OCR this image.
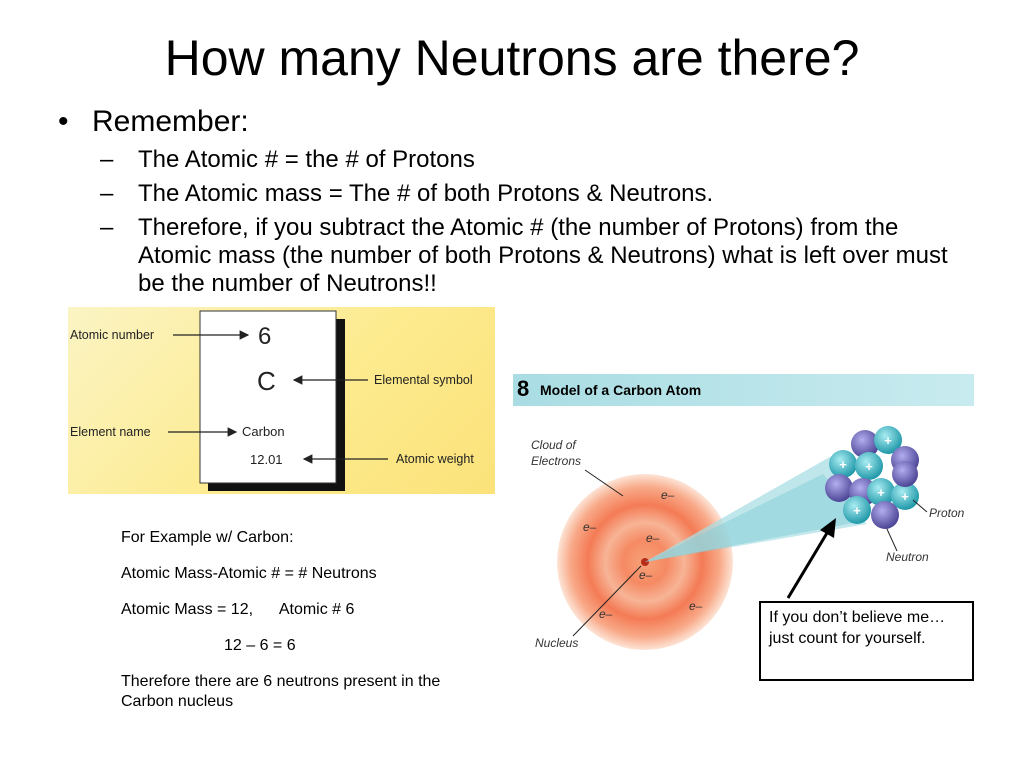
How many Neutrons are there?
• Remember:
– The Atomic # = the # of Protons
– The Atomic mass = The # of both Protons & Neutrons.
– Therefore, if you subtract the Atomic # (the number of Protons) from the Atomic mass (the number of both Protons & Neutrons) what is left over must be the number of Neutrons!!
Atomic number	6
C	Elemental symbol
Element name	Carbon
12.01	Atomic weight
+
+ +
+ +
+
Cloud of
Electrons
e–
e–
e–
e–
e–
e–
Nucleus
Proton
Neutron
8 Model of a Carbon Atom
For Example w/ Carbon:
Atomic Mass-Atomic # = # Neutrons
Atomic Mass = 12,      Atomic # 6
12 – 6 = 6
Therefore there are 6 neutrons present in the Carbon nucleus
If you don’t believe me… just count for yourself.
